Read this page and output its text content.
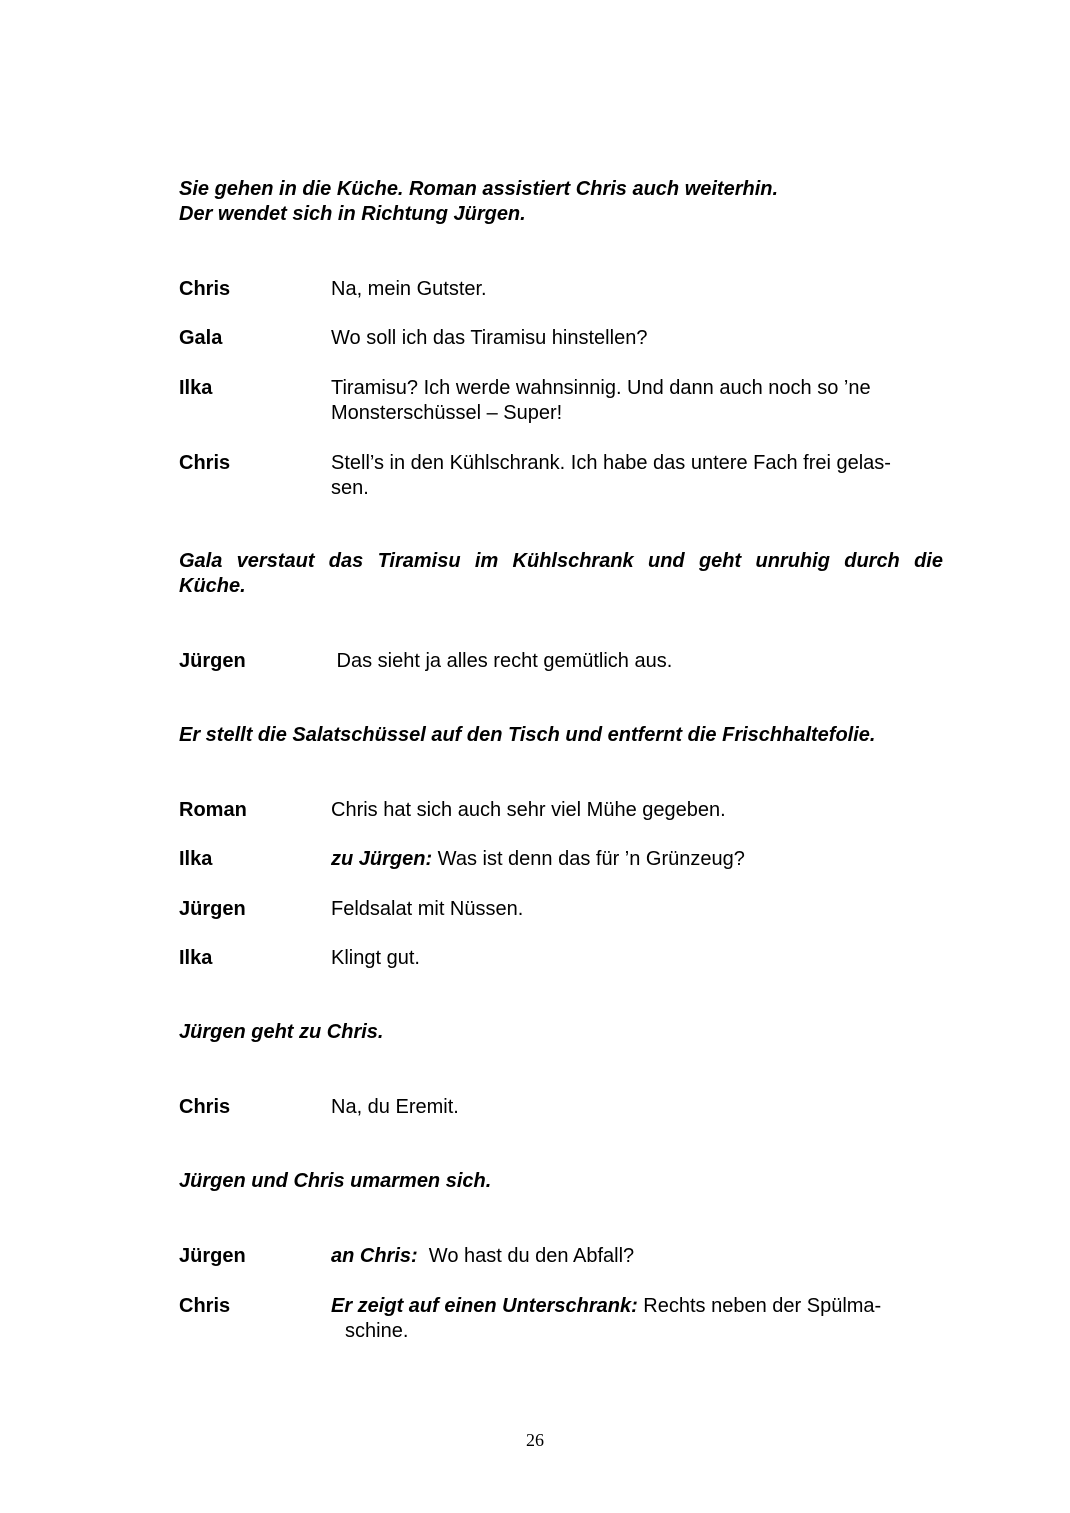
Sie gehen in die Küche. Roman assistiert Chris auch weiterhin.
Der wendet sich in Richtung Jürgen.
Chris	Na, mein Gutster.
Gala	Wo soll ich das Tiramisu hinstellen?
Ilka	Tiramisu? Ich werde wahnsinnig. Und dann auch noch so ’ne
Monsterschüssel – Super!
Chris	Stell’s in den Kühlschrank. Ich habe das untere Fach frei gelas-
sen.
Gala verstaut das Tiramisu im Kühlschrank und geht unruhig durch die
Küche.
Jürgen	Das sieht ja alles recht gemütlich aus.
Er stellt die Salatschüssel auf den Tisch und entfernt die Frischhaltefolie.
Roman	Chris hat sich auch sehr viel Mühe gegeben.
Ilka	zu Jürgen: Was ist denn das für ’n Grünzeug?
Jürgen	Feldsalat mit Nüssen.
Ilka	Klingt gut.
Jürgen geht zu Chris.
Chris	Na, du Eremit.
Jürgen und Chris umarmen sich.
Jürgen	an Chris:  Wo hast du den Abfall?
Chris	Er zeigt auf einen Unterschrank: Rechts neben der Spülma-
schine.
26
